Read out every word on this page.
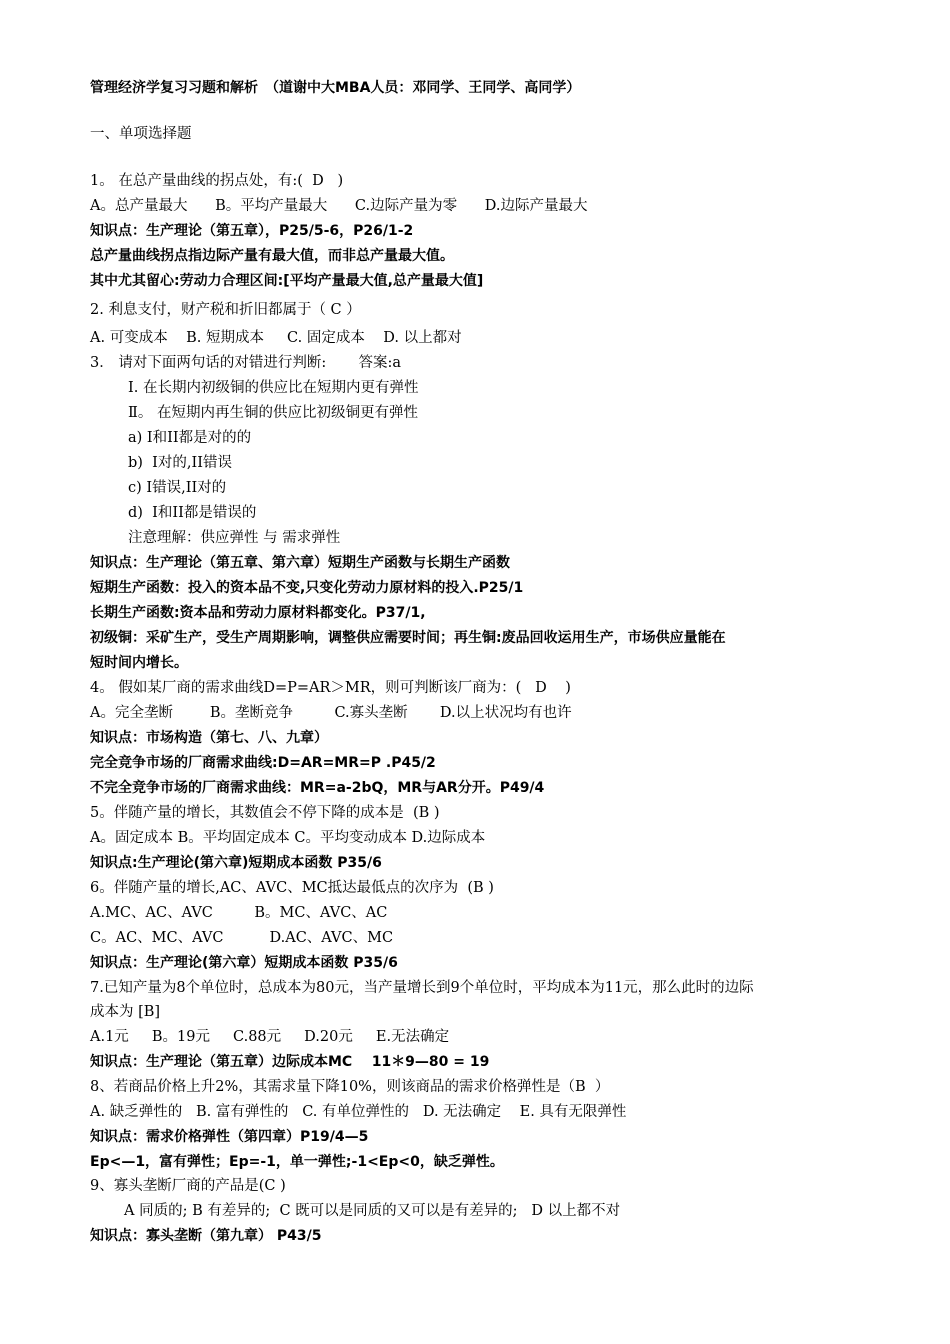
管理经济学复习习题和解析　（道谢中大MBA人员：邓同学、王同学、高同学）

一、单项选择题

1。 在总产量曲线的拐点处，有:(  D   )

A。总产量最大      B。平均产量最大      C.边际产量为零      D.边际产量最大

知识点：生产理论（第五章），P25/5-6，P26/1-2

总产量曲线拐点指边际产量有最大值，而非总产量最大值。

其中尤其留心:劳动力合理区间:[平均产量最大值,总产量最大值]

2. 利息支付，财产税和折旧都属于（ C ）

A. 可变成本    B. 短期成本     C. 固定成本    D. 以上都对

3． 请对下面两句话的对错进行判断:       答案:a

Ⅰ. 在长期内初级铜的供应比在短期内更有弹性

Ⅱ。 在短期内再生铜的供应比初级铜更有弹性

a) I和II都是对的的

b)  I对的,II错误

c) I错误,II对的

d)  I和II都是错误的

注意理解：供应弹性 与 需求弹性

知识点：生产理论（第五章、第六章）短期生产函数与长期生产函数

短期生产函数：投入的资本品不变,只变化劳动力原材料的投入.P25/1

长期生产函数:资本品和劳动力原材料都变化。P37/1,

初级铜：采矿生产，受生产周期影响，调整供应需要时间；再生铜:废品回收运用生产，市场供应量能在

短时间内增长。

4。 假如某厂商的需求曲线D=P=AR＞MR，则可判断该厂商为：(   D    )

A。完全垄断        B。垄断竞争         C.寡头垄断       D.以上状况均有也许

知识点：市场构造（第七、八、九章）

完全竞争市场的厂商需求曲线:D=AR=MR=P .P45/2

不完全竞争市场的厂商需求曲线：MR=a-2bQ，MR与AR分开。P49/4

5。伴随产量的增长，其数值会不停下降的成本是  (B )

A。固定成本 B。平均固定成本 C。平均变动成本 D.边际成本

知识点:生产理论(第六章)短期成本函数 P35/6

6。伴随产量的增长,AC、AVC、MC抵达最低点的次序为  (B )

A.MC、AC、AVC         B。MC、AVC、AC

C。AC、MC、AVC          D.AC、AVC、MC

知识点：生产理论(第六章）短期成本函数 P35/6

7.已知产量为8个单位时，总成本为80元，当产量增长到9个单位时，平均成本为11元，那么此时的边际

成本为 [B]

A.1元     B。19元     C.88元     D.20元     E.无法确定

知识点：生产理论（第五章）边际成本MC    11＊9—80 = 19

8、若商品价格上升2%，其需求量下降10%，则该商品的需求价格弹性是（B  ）

A. 缺乏弹性的   B. 富有弹性的   C. 有单位弹性的   D. 无法确定    E. 具有无限弹性

知识点：需求价格弹性（第四章）P19/4—5

Ep<—1，富有弹性；Ep=-1，单一弹性;-1<Ep<0，缺乏弹性。

9、寡头垄断厂商的产品是(C )

A 同质的; B 有差异的;  C 既可以是同质的又可以是有差异的;   D 以上都不对

知识点：寡头垄断（第九章） P43/5
